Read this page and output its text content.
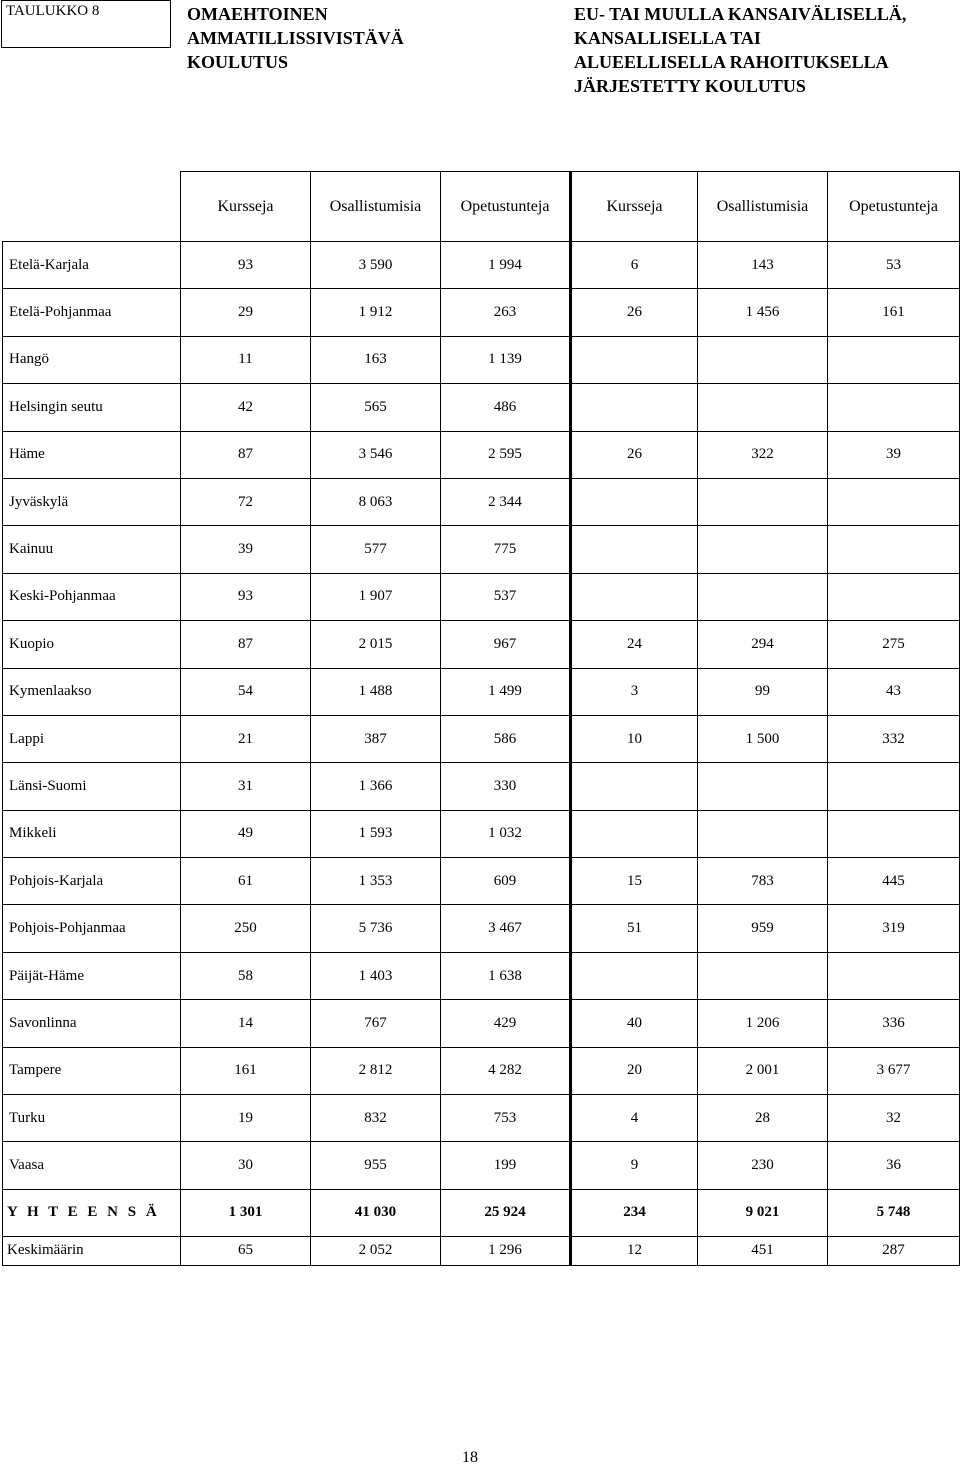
TAULUKKO 8	OMAEHTOINEN
AMMATILLISSIVISTÄVÄ
KOULUTUS
EU- TAI MUULLA KANSAIVÄLISELLÄ,
KANSALLISELLA TAI
ALUEELLISELLA RAHOITUKSELLA
JÄRJESTETTY KOULUTUS
	Kursseja	Osallistumisia	Opetustunteja	Kursseja	Osallistumisia	Opetustunteja
Etelä-Karjala	93	3 590	1 994	6	143	53
Etelä-Pohjanmaa	29	1 912	263	26	1 456	161
Hangö	11	163	1 139			
Helsingin seutu	42	565	486			
Häme	87	3 546	2 595	26	322	39
Jyväskylä	72	8 063	2 344			
Kainuu	39	577	775			
Keski-Pohjanmaa	93	1 907	537			
Kuopio	87	2 015	967	24	294	275
Kymenlaakso	54	1 488	1 499	3	99	43
Lappi	21	387	586	10	1 500	332
Länsi-Suomi	31	1 366	330			
Mikkeli	49	1 593	1 032			
Pohjois-Karjala	61	1 353	609	15	783	445
Pohjois-Pohjanmaa	250	5 736	3 467	51	959	319
Päijät-Häme	58	1 403	1 638			
Savonlinna	14	767	429	40	1 206	336
Tampere	161	2 812	4 282	20	2 001	3 677
Turku	19	832	753	4	28	32
Vaasa	30	955	199	9	230	36
Y H T E E N S Ä	1 301	41 030	25 924	234	9 021	5 748
Keskimäärin	65	2 052	1 296	12	451	287
18
